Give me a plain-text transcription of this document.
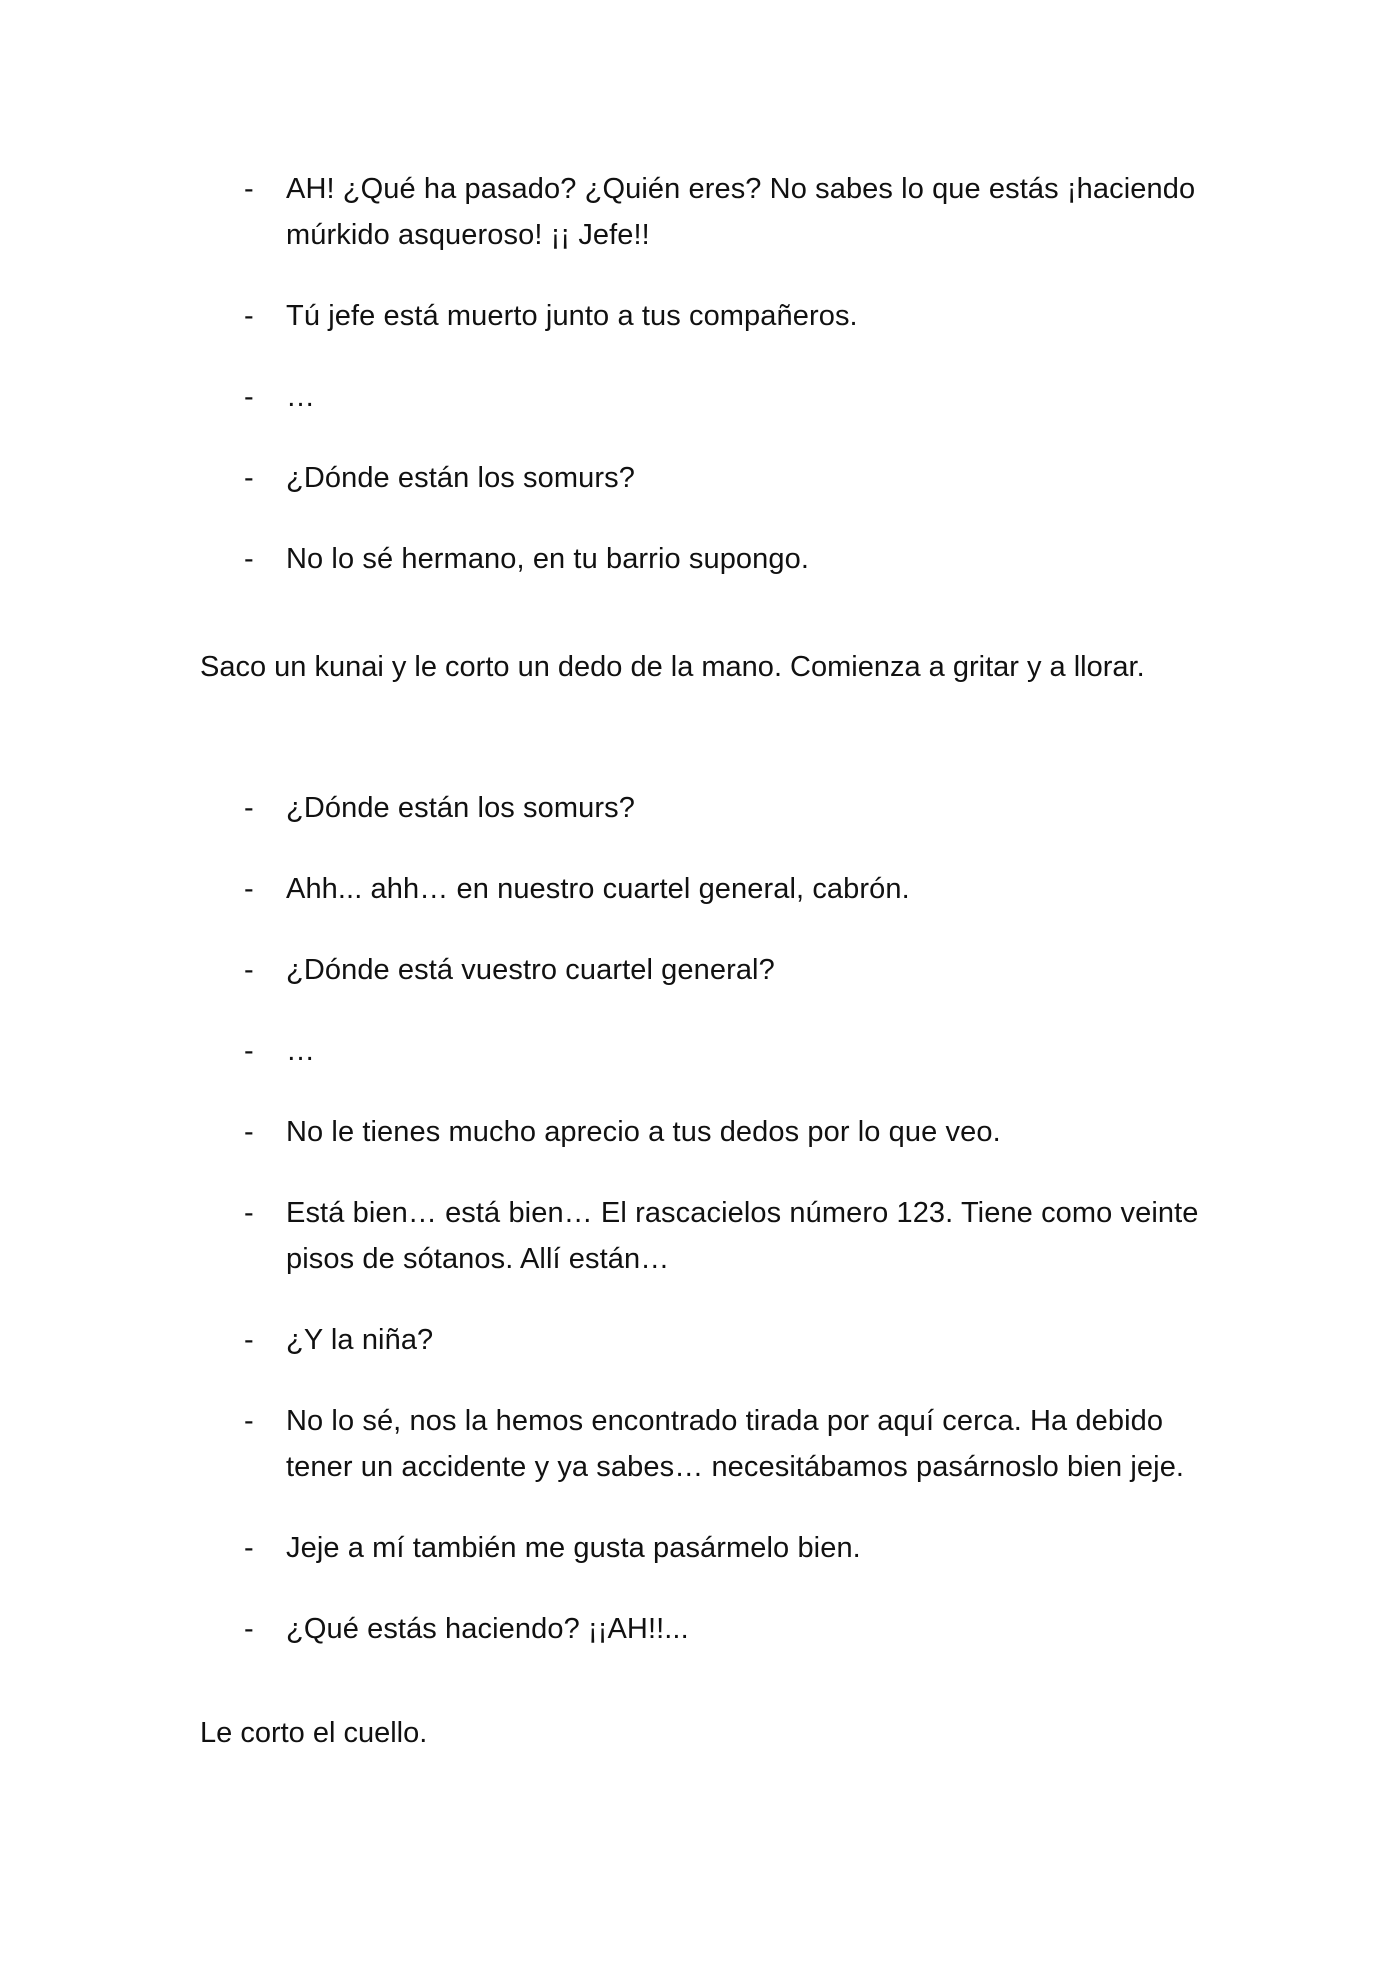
- AH! ¿Qué ha pasado? ¿Quién eres? No sabes lo que estás ¡haciendo múrkido asqueroso! ¡¡ Jefe!!
- Tú jefe está muerto junto a tus compañeros.
- …
- ¿Dónde están los somurs?
- No lo sé hermano, en tu barrio supongo.

Saco un kunai y le corto un dedo de la mano. Comienza a gritar y a llorar.

- ¿Dónde están los somurs?
- Ahh... ahh… en nuestro cuartel general, cabrón.
- ¿Dónde está vuestro cuartel general?
- …
- No le tienes mucho aprecio a tus dedos por lo que veo.
- Está bien… está bien… El rascacielos número 123. Tiene como veinte pisos de sótanos. Allí están…
- ¿Y la niña?
- No lo sé, nos la hemos encontrado tirada por aquí cerca. Ha debido tener un accidente y ya sabes… necesitábamos pasárnoslo bien jeje.
- Jeje a mí también me gusta pasármelo bien.
- ¿Qué estás haciendo? ¡¡AH!!...

Le corto el cuello.
